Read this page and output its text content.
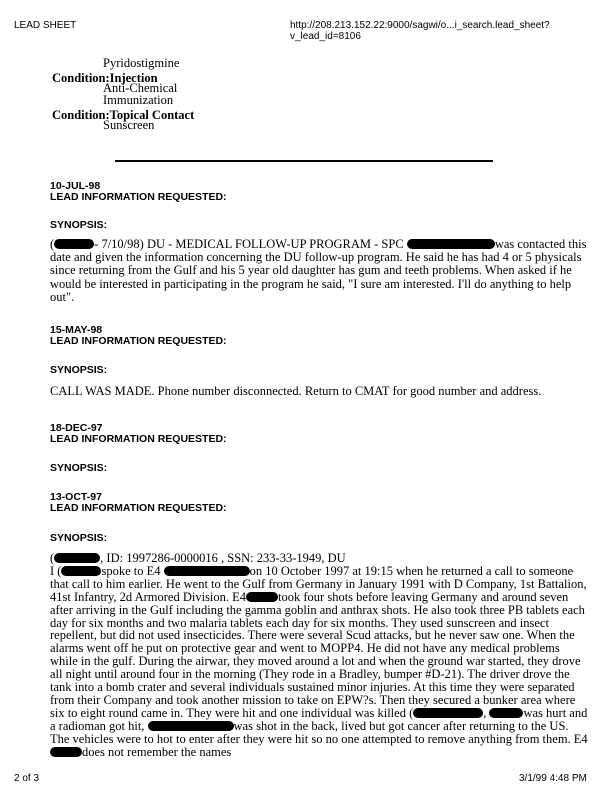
LEAD SHEET	http://208.213.152.22:9000/sagwi/o...i_search.lead_sheet?v_lead_id=8106
Pyridostigmine
Condition:Injection
Anti-Chemical
Immunization
Condition:Topical Contact
Sunscreen
10-JUL-98
LEAD INFORMATION REQUESTED:
SYNOPSIS:

(	- 7/10/98) DU - MEDICAL FOLLOW-UP PROGRAM - SPC	was contacted this date and given the information concerning the DU follow-up program. He said he has had 4 or 5 physicals since returning from the Gulf and his 5 year old daughter has gum and teeth problems. When asked if he would be interested in participating in the program he said, "I sure am interested. I'll do anything to help out".

15-MAY-98
LEAD INFORMATION REQUESTED:
SYNOPSIS:
CALL WAS MADE. Phone number disconnected. Return to CMAT for good number and address.
18-DEC-97
LEAD INFORMATION REQUESTED:
SYNOPSIS:
13-OCT-97
LEAD INFORMATION REQUESTED:
SYNOPSIS:

(	, ID: 1997286-0000016 , SSN: 233-33-1949, DU

I (	spoke to E4	on 10 October 1997 at 19:15 when he returned a call to someone that call to him earlier. He went to the Gulf from Germany in January 1991 with D Company, 1st Battalion, 41st Infantry, 2d Armored Division. E4	took four shots before leaving Germany and around seven after arriving in the Gulf including the gamma goblin and anthrax shots. He also took three PB tablets each day for six months and two malaria tablets each day for six months. They used sunscreen and insect repellent, but did not used insecticides. There were several Scud attacks, but he never saw one. When the alarms went off he put on protective gear and went to MOPP4. He did not have any medical problems while in the gulf. During the airwar, they moved around a lot and when the ground war started, they drove all night until around four in the morning (They rode in a Bradley, bumper #D-21). The driver drove the tank into a bomb crater and several individuals sustained minor injuries. At this time they were separated from their Company and took another mission to take on EPW?s. Then they secured a bunker area where six to eight round came in. They were hit and one individual was killed (	,	was hurt and a radioman got hit,	was shot in the back, lived but got cancer after returning to the US. The vehicles were to hot to enter after they were hit so no one attempted to remove anything from them. E4does not remember the names

2 of 3	3/1/99 4:48 PM
